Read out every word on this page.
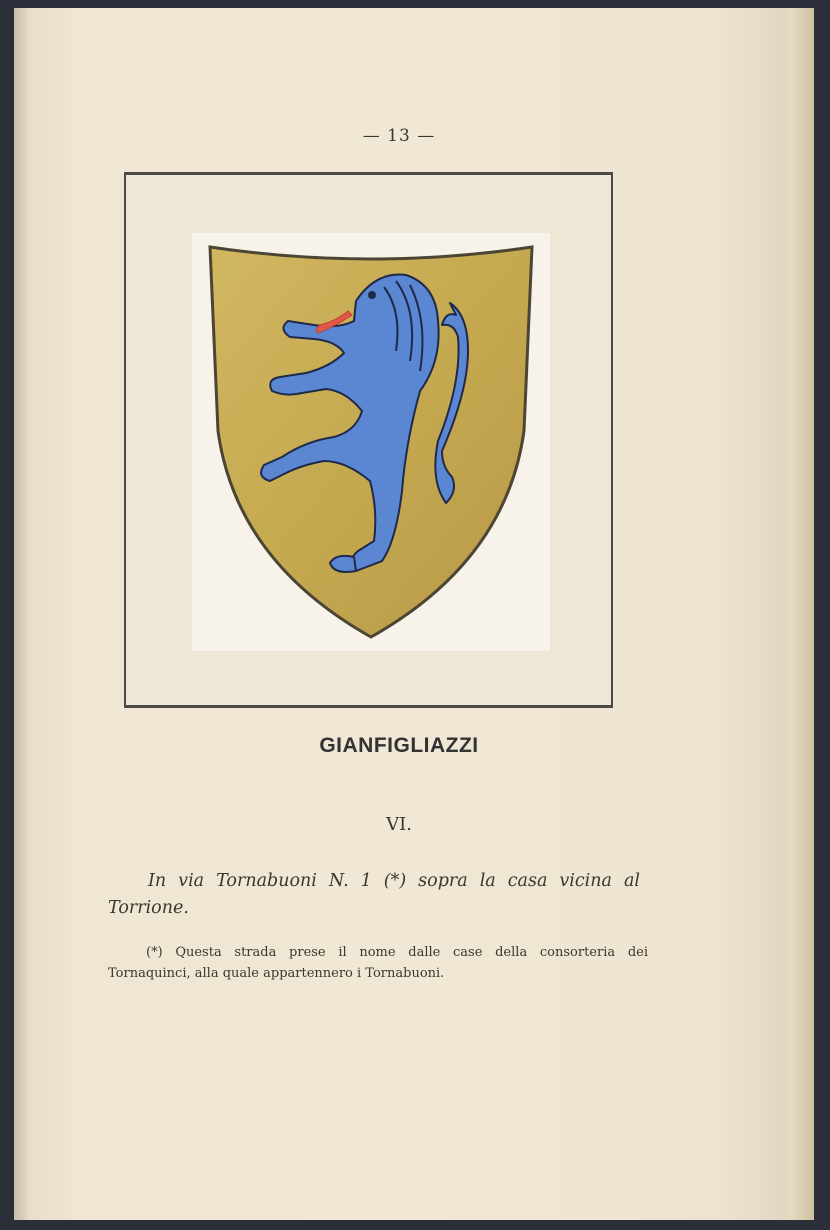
— 13 —
GIANFIGLIAZZI
VI.
In via Tornabuoni N. 1 (*) sopra la casa vicina al Torrione.
(*) Questa strada prese il nome dalle case della consorteria dei Tornaquinci, alla quale appartennero i Tornabuoni.
